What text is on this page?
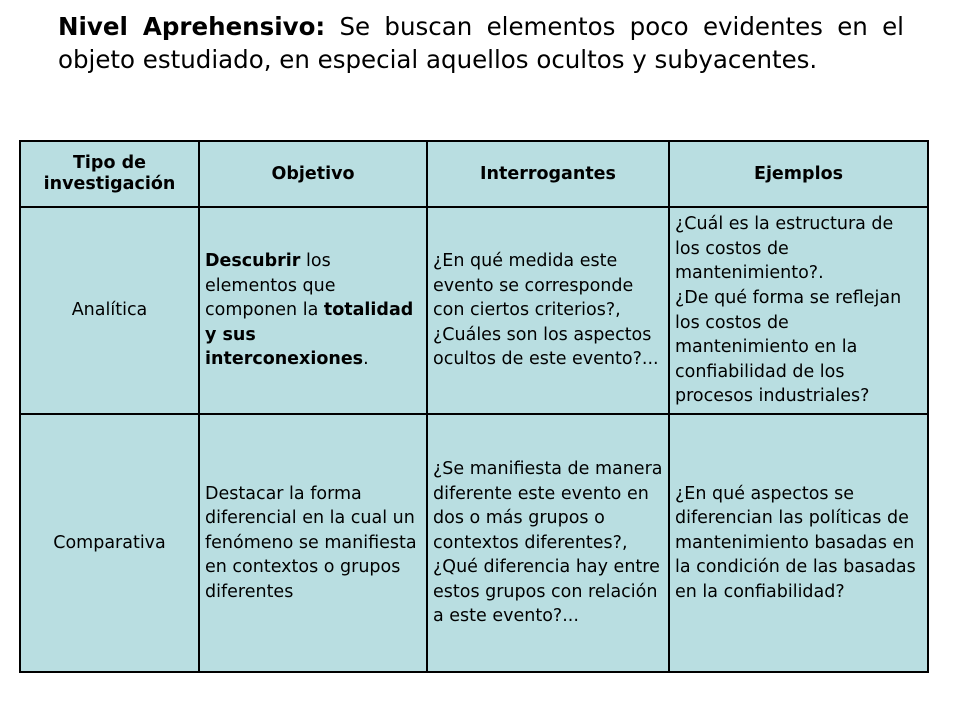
Nivel Aprehensivo: Se buscan elementos poco evidentes en el objeto estudiado, en especial aquellos ocultos y subyacentes.

Tipo de investigación	Objetivo	Interrogantes	Ejemplos
Analítica	Descubrir los elementos que componen la totalidad y sus interconexiones.	¿En qué medida este evento se corresponde con ciertos criterios?, ¿Cuáles son los aspectos ocultos de este evento?...	¿Cuál es la estructura de los costos de mantenimiento?.
¿De qué forma se reflejan los costos de mantenimiento en la confiabilidad de los procesos industriales?
Comparativa	Destacar la forma diferencial en la cual un fenómeno se manifiesta en contextos o grupos diferentes	¿Se manifiesta de manera diferente este evento en dos o más grupos o contextos diferentes?, ¿Qué diferencia hay entre estos grupos con relación a este evento?...	¿En qué aspectos se diferencian las políticas de mantenimiento basadas en la condición de las basadas en la confiabilidad?
